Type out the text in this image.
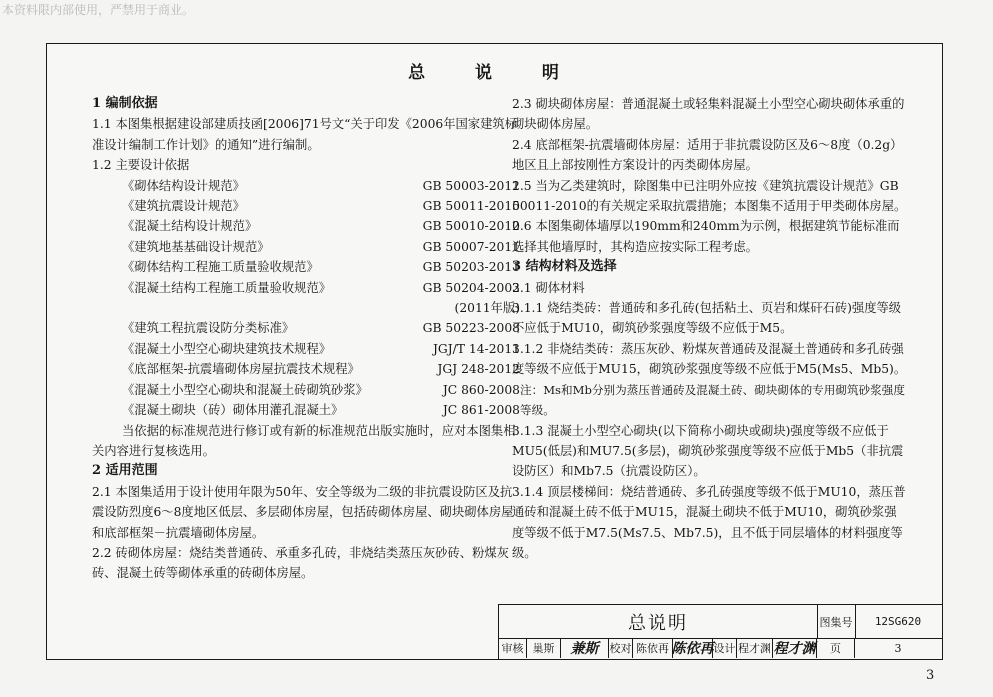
本资料限内部使用，严禁用于商业。
总 说 明

1 编制依据

1.1 本图集根据建设部建质技函[2006]71号文“关于印发《2006年国家建筑标准设计编制工作计划》的通知”进行编制。

1.2 主要设计依据

《砌体结构设计规范》	GB 50003-2011
《建筑抗震设计规范》	GB 50011-2010
《混凝土结构设计规范》	GB 50010-2010
《建筑地基基础设计规范》	GB 50007-2011
《砌体结构工程施工质量验收规范》	GB 50203-2011
《混凝土结构工程施工质量验收规范》	GB 50204-2002
(2011年版)
《建筑工程抗震设防分类标准》	GB 50223-2008
《混凝土小型空心砌块建筑技术规程》	JGJ/T 14-2011
《底部框架-抗震墙砌体房屋抗震技术规程》	JGJ 248-2012
《混凝土小型空心砌块和混凝土砖砌筑砂浆》	JC 860-2008
《混凝土砌块（砖）砌体用灌孔混凝土》	JC 861-2008

当依据的标准规范进行修订或有新的标准规范出版实施时，应对本图集相关内容进行复核选用。

2 适用范围

2.1 本图集适用于设计使用年限为50年、安全等级为二级的非抗震设防区及抗震设防烈度6～8度地区低层、多层砌体房屋，包括砖砌体房屋、砌块砌体房屋和底部框架－抗震墙砌体房屋。

2.2 砖砌体房屋：烧结类普通砖、承重多孔砖，非烧结类蒸压灰砂砖、粉煤灰砖、混凝土砖等砌体承重的砖砌体房屋。

2.3 砌块砌体房屋：普通混凝土或轻集料混凝土小型空心砌块砌体承重的砌块砌体房屋。

2.4 底部框架-抗震墙砌体房屋：适用于非抗震设防区及6～8度（0.2g）地区且上部按刚性方案设计的丙类砌体房屋。

2.5 当为乙类建筑时，除图集中已注明外应按《建筑抗震设计规范》GB 50011-2010的有关规定采取抗震措施；本图集不适用于甲类砌体房屋。

2.6 本图集砌体墙厚以190mm和240mm为示例，根据建筑节能标准而选择其他墙厚时，其构造应按实际工程考虑。

3 结构材料及选择

3.1 砌体材料

3.1.1 烧结类砖：普通砖和多孔砖(包括粘土、页岩和煤矸石砖)强度等级不应低于MU10，砌筑砂浆强度等级不应低于M5。

3.1.2 非烧结类砖：蒸压灰砂、粉煤灰普通砖及混凝土普通砖和多孔砖强度等级不应低于MU15，砌筑砂浆强度等级不应低于M5(Ms5、Mb5)。

注：Ms和Mb分别为蒸压普通砖及混凝土砖、砌块砌体的专用砌筑砂浆强度等级。

3.1.3 混凝土小型空心砌块(以下简称小砌块或砌块)强度等级不应低于MU5(低层)和MU7.5(多层)，砌筑砂浆强度等级不应低于Mb5（非抗震设防区）和Mb7.5（抗震设防区）。

3.1.4 顶层楼梯间：烧结普通砖、多孔砖强度等级不低于MU10，蒸压普通砖和混凝土砖不低于MU15，混凝土砌块不低于MU10，砌筑砂浆强度等级不低于M7.5(Ms7.5、Mb7.5)，且不低于同层墙体的材料强度等级。

总说明	图集号	12SG620
审核 巢斯	兼斯	校对 陈依再 陈依再 设计 程才渊 程才渊	页	3
3
